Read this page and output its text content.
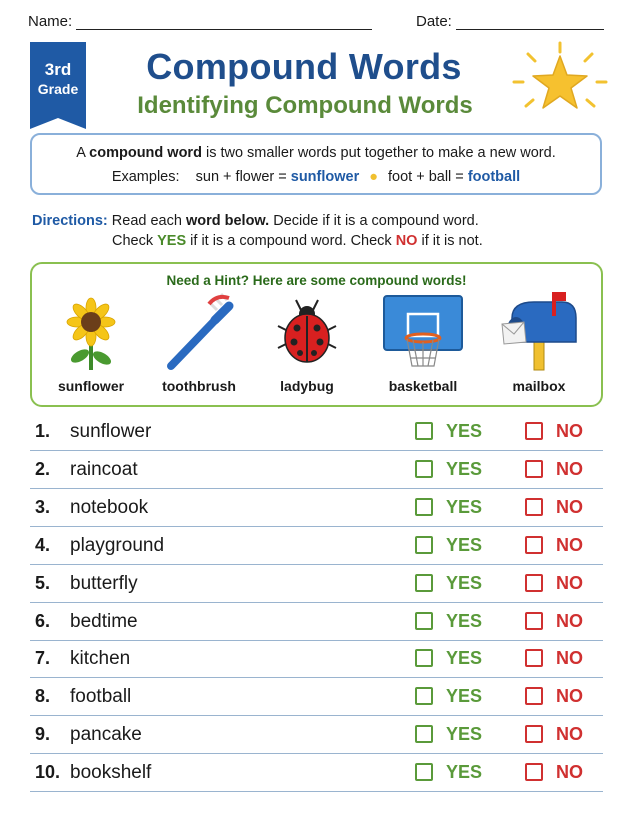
Name:	Date:
3rd
Grade
Compound Words
Identifying Compound Words
A compound word is two smaller words put together to make a new word.
Examples: sun + flower = sunflower ● foot + ball = football
Directions: Read each word below. Decide if it is a compound word.
Check YES if it is a compound word. Check NO if it is not.
Need a Hint? Here are some compound words!
sunflower	toothbrush	ladybug	basketball	mailbox
1. sunflower	YES	NO
2. raincoat	YES	NO
3. notebook	YES	NO
4. playground	YES	NO
5. butterfly	YES	NO
6. bedtime	YES	NO
7. kitchen	YES	NO
8. football	YES	NO
9. pancake	YES	NO
10. bookshelf	YES	NO
